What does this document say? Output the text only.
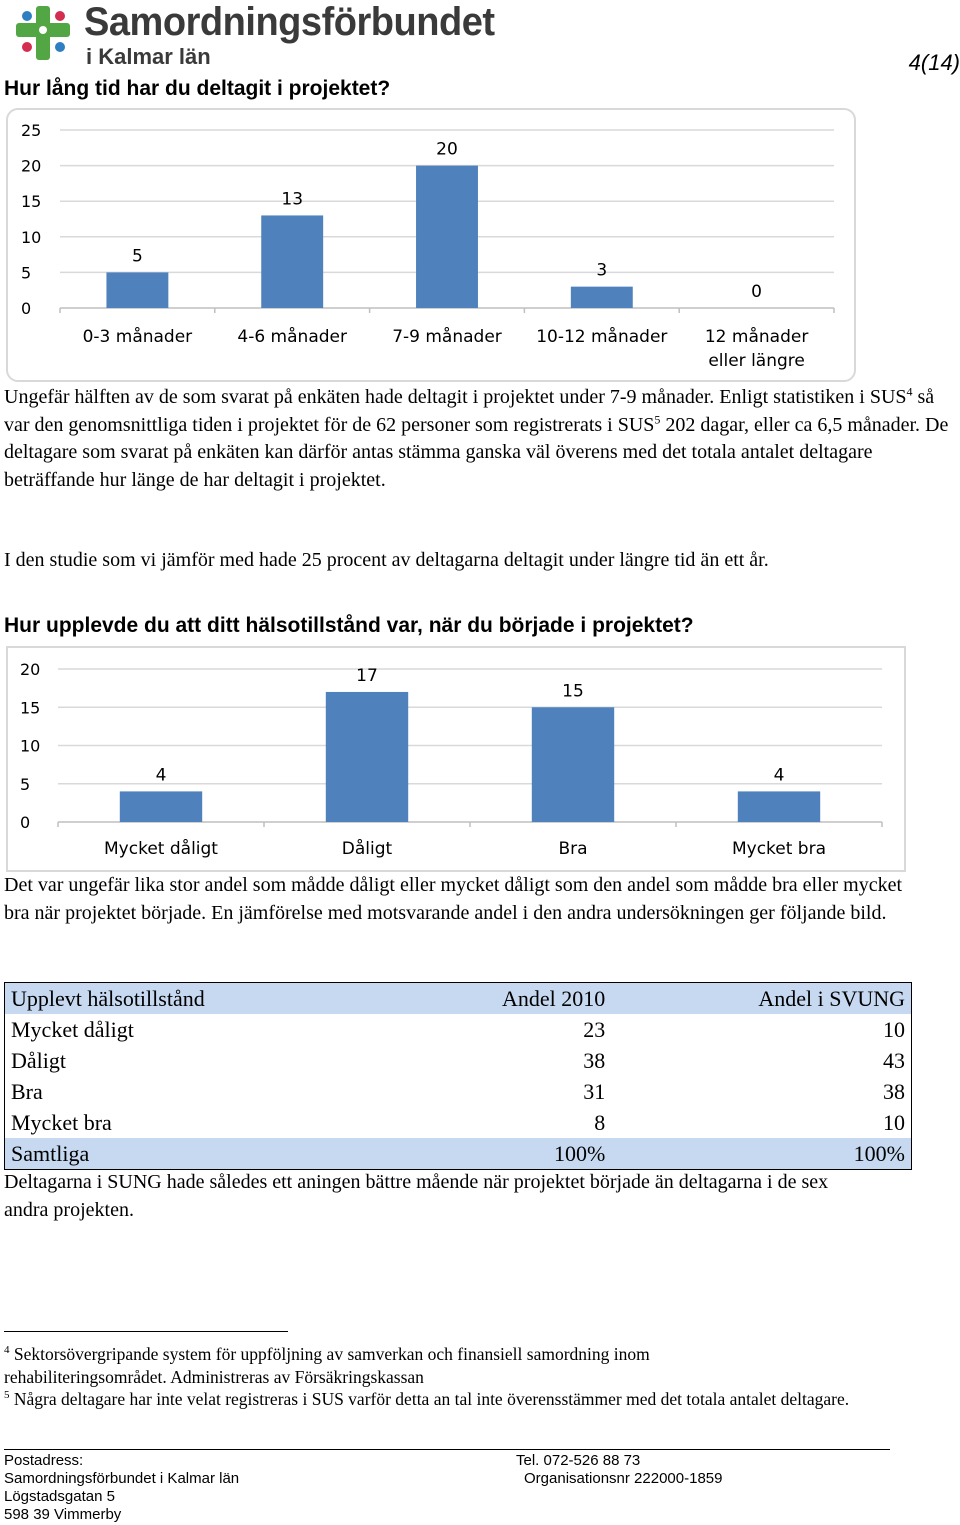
Samordningsförbundet
i Kalmar län	4(14)
Hur lång tid har du deltagit i projektet?
0
5
10
15
20
25
5
0-3 månader
13
4-6 månader
20
7-9 månader
3
10-12 månader
0
12 månader
eller längre
Ungefär hälften av de som svarat på enkäten hade deltagit i projektet under 7-9 månader. Enligt statistiken i SUS$^4$ så var den genomsnittliga tiden i projektet för de 62 personer som registrerats i SUS$^5$ 202 dagar, eller ca 6,5 månader. De deltagare som svarat på enkäten kan därför antas stämma ganska väl överens med det totala antalet deltagare beträffande hur länge de har deltagit i projektet.
I den studie som vi jämför med hade 25 procent av deltagarna deltagit under längre tid än ett år.
Hur upplevde du att ditt hälsotillstånd var, när du började i projektet?
0
5
10
15
20
4
Mycket dåligt
17
Dåligt
15
Bra
4
Mycket bra
Det var ungefär lika stor andel som mådde dåligt eller mycket dåligt som den andel som mådde bra eller mycket bra när projektet började. En jämförelse med motsvarande andel i den andra undersökningen ger följande bild.
Upplevt hälsotillstånd	Andel 2010	Andel i SVUNG
Mycket dåligt	23	10
Dåligt	38	43
Bra	31	38
Mycket bra	8	10
Samtliga	100%	100%
Deltagarna i SUNG hade således ett aningen bättre mående när projektet började än deltagarna i de sex andra projekten.
$^4$ Sektorsövergripande system för uppföljning av samverkan och finansiell samordning inom rehabiliteringsområdet. Administreras av Försäkringskassan
$^5$ Några deltagare har inte velat registreras i SUS varför detta an tal inte överensstämmer med det totala antalet deltagare.
Postadress:
Samordningsförbundet i Kalmar län
Lögstadsgatan 5
598 39 Vimmerby
Tel. 072-526 88 73
Organisationsnr 222000-1859
